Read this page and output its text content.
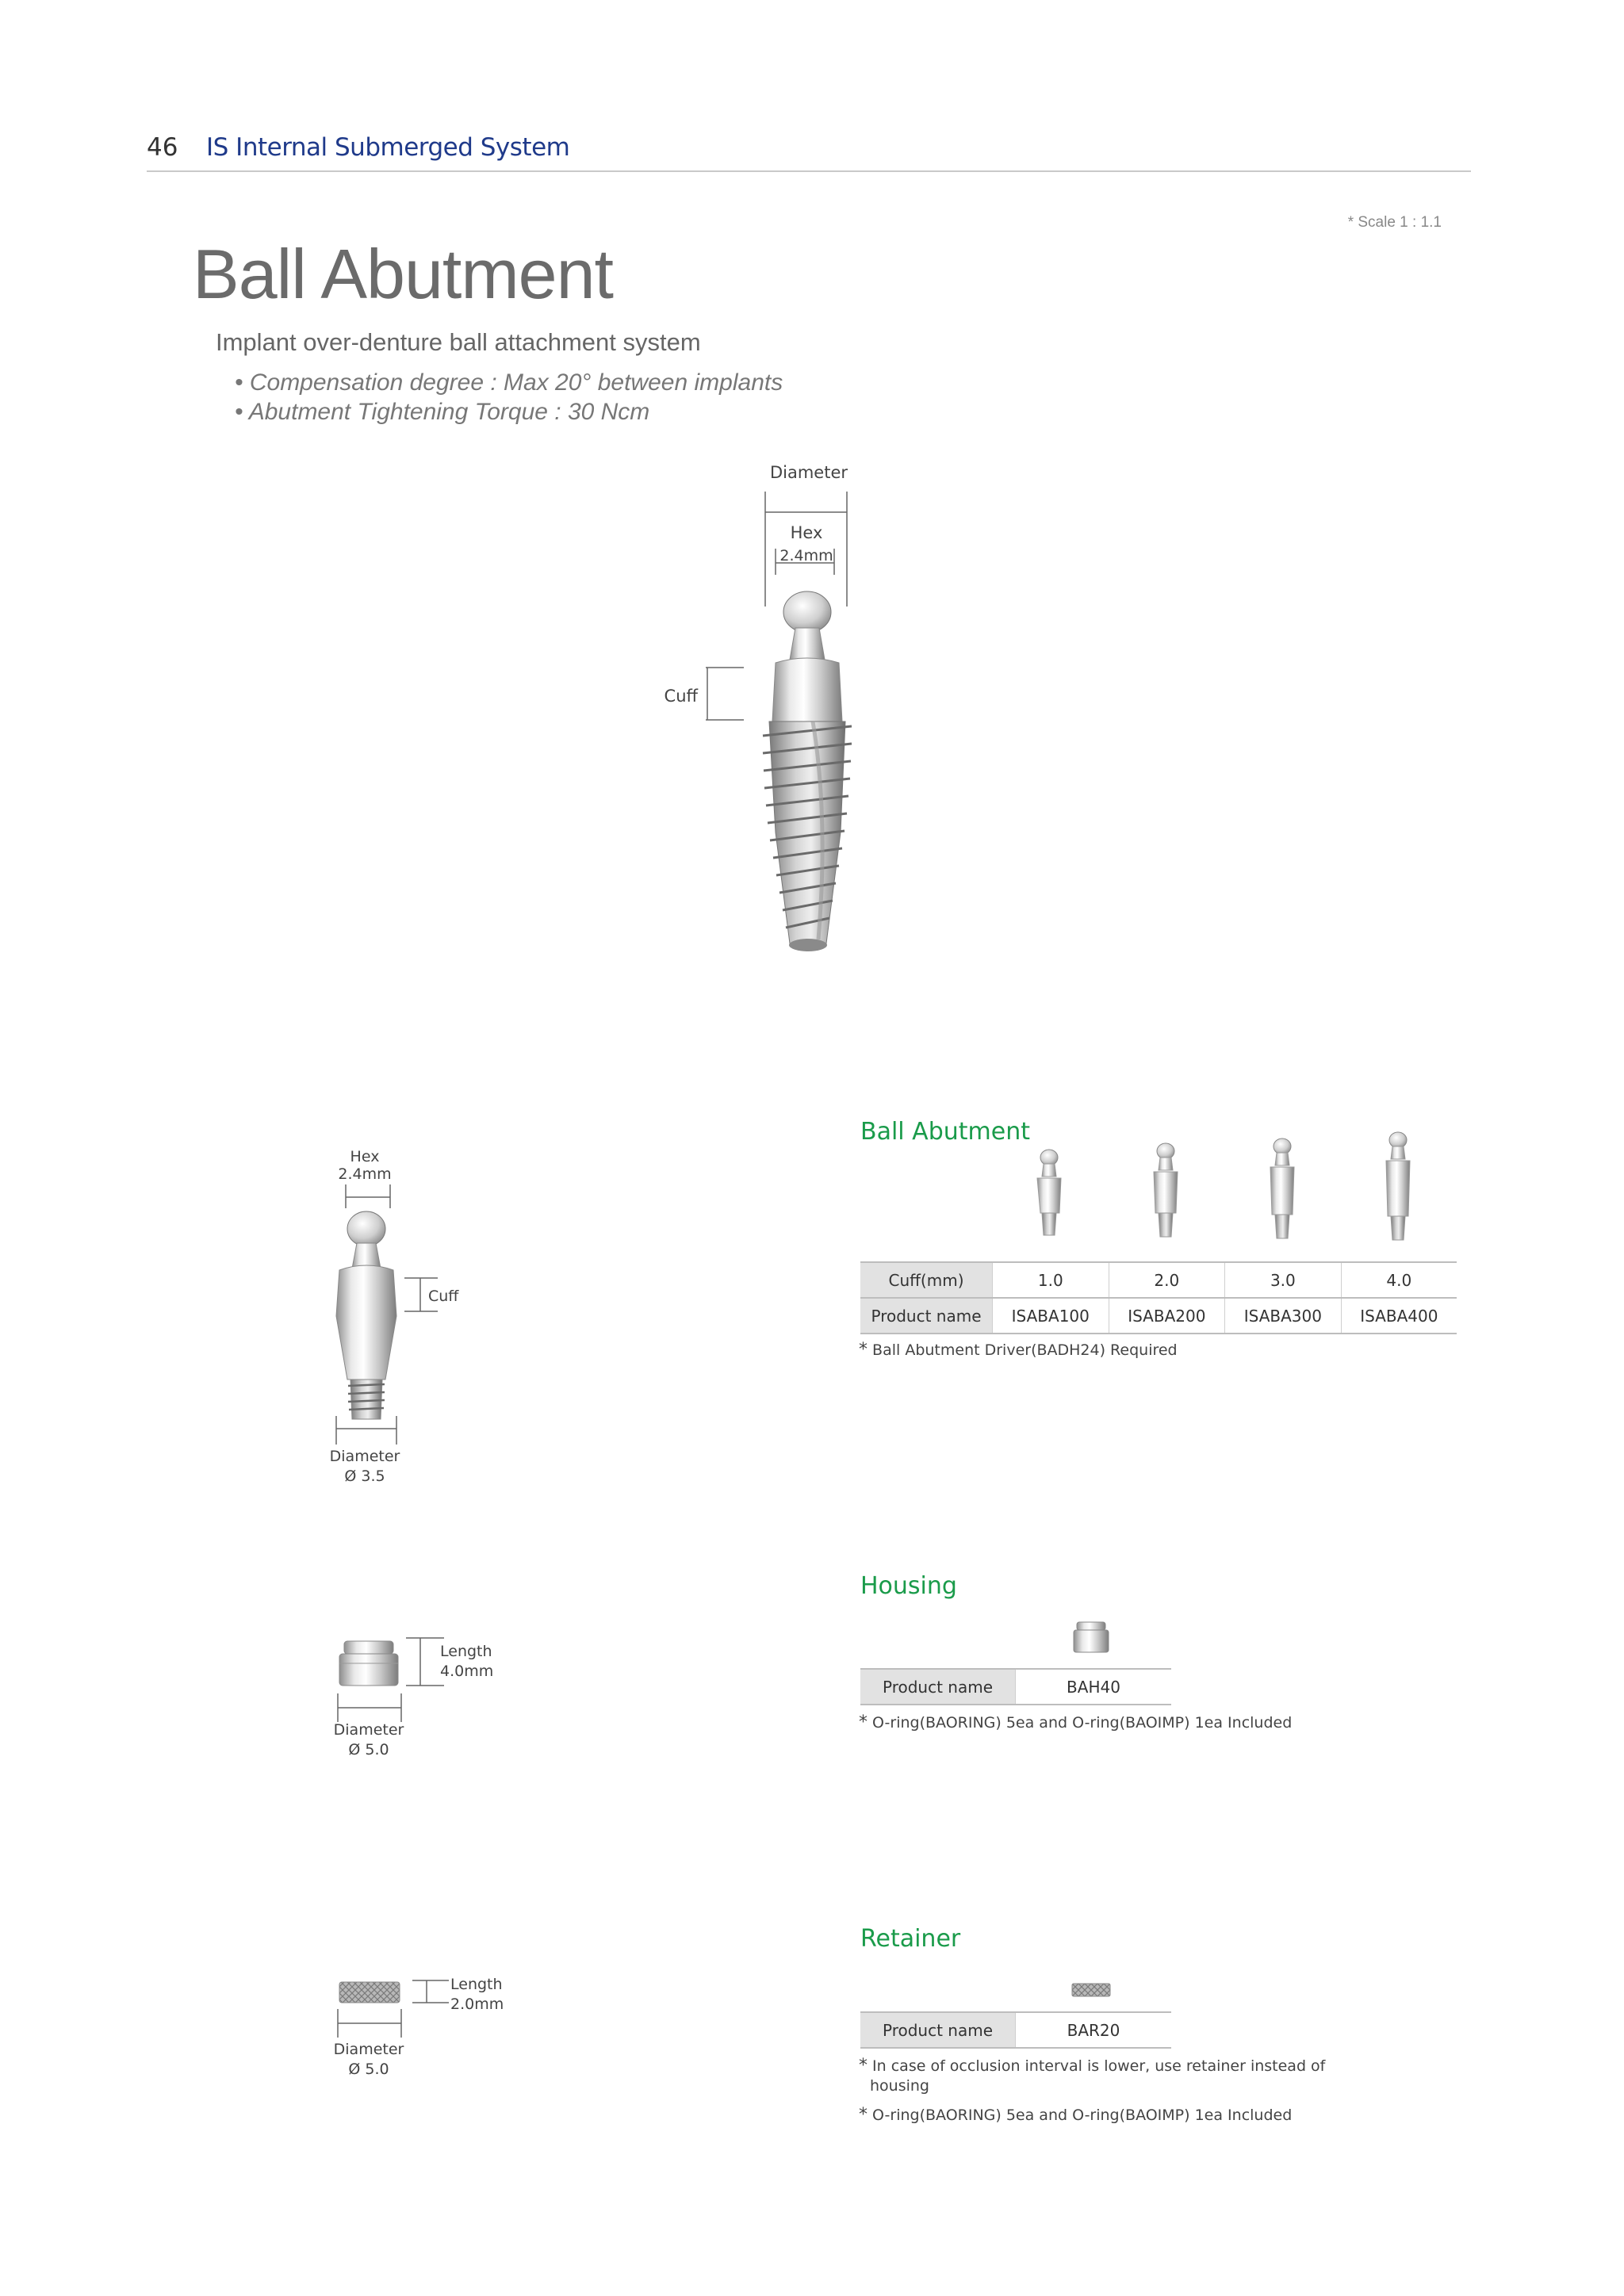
46 IS Internal Submerged System
* Scale 1 : 1.1
Ball Abutment
Implant over-denture ball attachment system
• Compensation degree : Max 20° between implants
• Abutment Tightening Torque : 30 Ncm
Diameter
Hex
2.4mm
Cuff
Hex
2.4mm
Cuff
Diameter
Ø 3.5
Length
4.0mm
Diameter
Ø 5.0
Length
2.0mm
Diameter
Ø 5.0
Ball Abutment
Cuff(mm)	1.0	2.0	3.0	4.0
Product name	ISABA100	ISABA200	ISABA300	ISABA400
* Ball Abutment Driver(BADH24) Required
Housing
Product name	BAH40
* O-ring(BAORING) 5ea and O-ring(BAOIMP) 1ea Included
Retainer
Product name	BAR20
* In case of occlusion interval is lower, use retainer instead of
housing
* O-ring(BAORING) 5ea and O-ring(BAOIMP) 1ea Included
